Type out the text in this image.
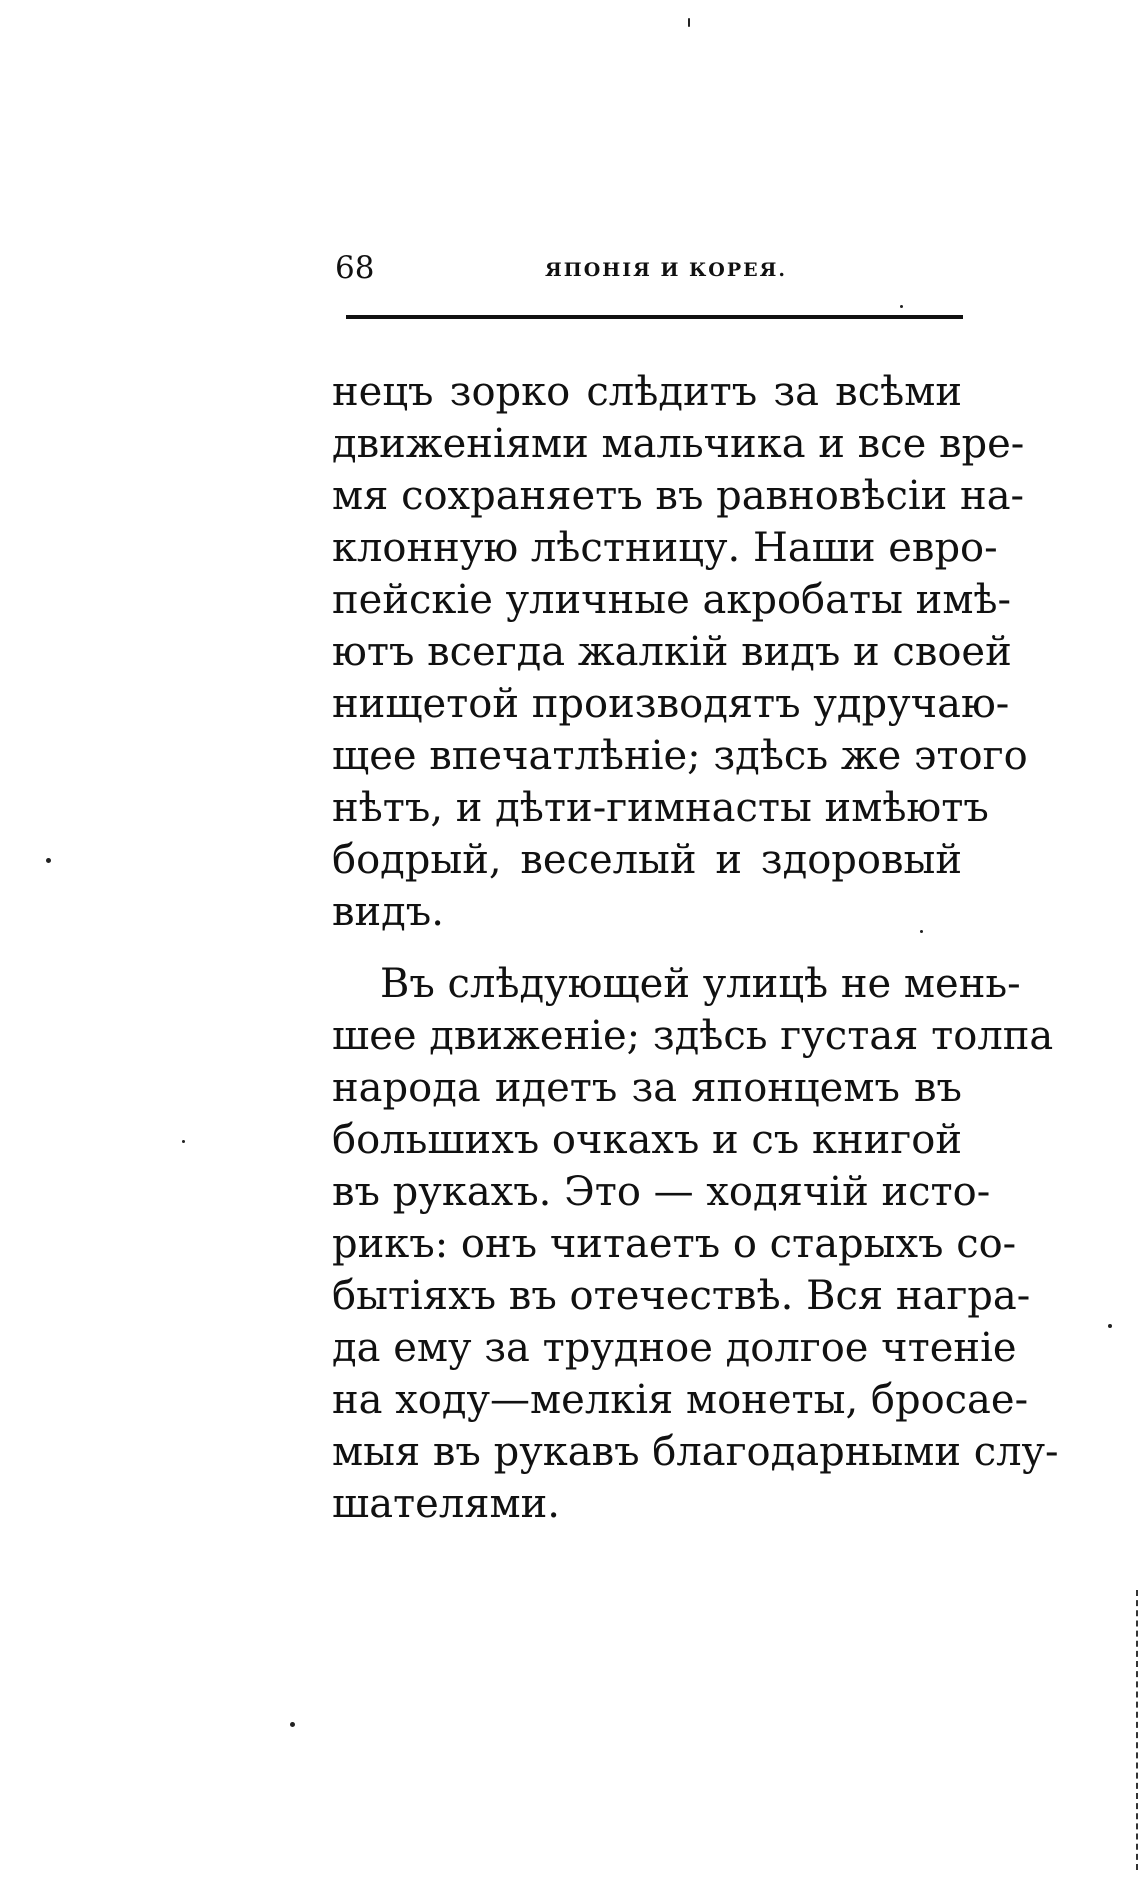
68	ЯПОНІЯ И КОРЕЯ.
нецъ зорко слѣдитъ за всѣми
движеніями мальчика и все вре-
мя сохраняетъ въ равновѣсіи на-
клонную лѣстницу. Наши евро-
пейскіе уличные акробаты имѣ-
ютъ всегда жалкій видъ и своей
нищетой производятъ удручаю-
щее впечатлѣніе; здѣсь же этого
нѣтъ, и дѣти-гимнасты имѣютъ
бодрый, веселый и здоровый
видъ.
Въ слѣдующей улицѣ не мень-
шее движеніе; здѣсь густая толпа
народа идетъ за японцемъ въ
большихъ очкахъ и съ книгой
въ рукахъ. Это — ходячій исто-
рикъ: онъ читаетъ о старыхъ со-
бытіяхъ въ отечествѣ. Вся награ-
да ему за трудное долгое чтеніе
на ходу—мелкія монеты, бросае-
мыя въ рукавъ благодарными слу-
шателями.
